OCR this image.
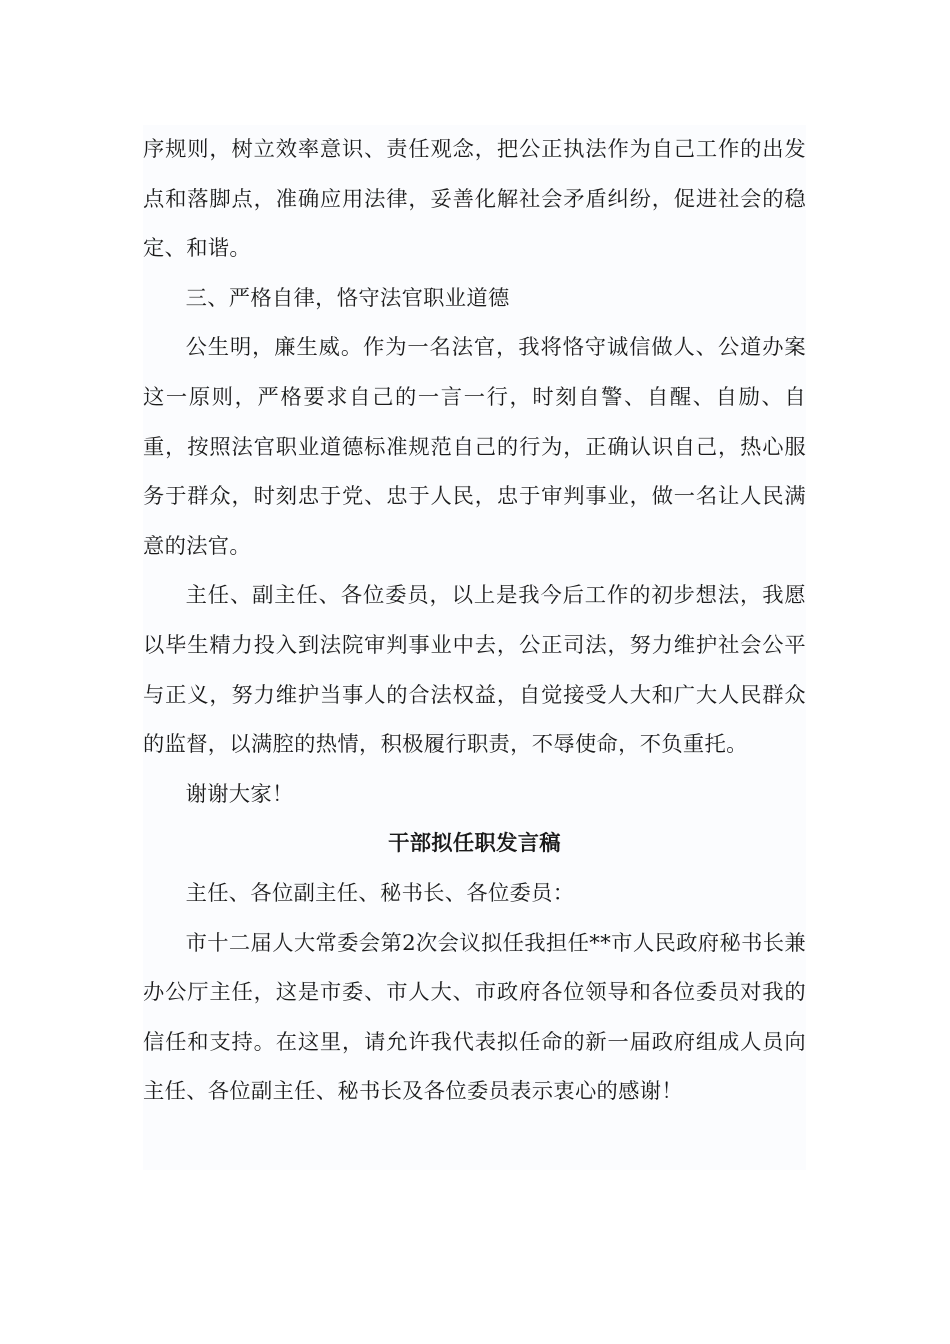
序规则，树立效率意识、责任观念，把公正执法作为自己工作的出发点和落脚点，准确应用法律，妥善化解社会矛盾纠纷，促进社会的稳定、和谐。

三、严格自律，恪守法官职业道德

公生明，廉生威。作为一名法官，我将恪守诚信做人、公道办案这一原则，严格要求自己的一言一行，时刻自警、自醒、自励、自重，按照法官职业道德标准规范自己的行为，正确认识自己，热心服务于群众，时刻忠于党、忠于人民，忠于审判事业，做一名让人民满意的法官。

主任、副主任、各位委员，以上是我今后工作的初步想法，我愿以毕生精力投入到法院审判事业中去，公正司法，努力维护社会公平与正义，努力维护当事人的合法权益，自觉接受人大和广大人民群众的监督，以满腔的热情，积极履行职责，不辱使命，不负重托。

谢谢大家！

干部拟任职发言稿

主任、各位副主任、秘书长、各位委员：

市十二届人大常委会第2次会议拟任我担任**市人民政府秘书长兼办公厅主任，这是市委、市人大、市政府各位领导和各位委员对我的信任和支持。在这里，请允许我代表拟任命的新一届政府组成人员向主任、各位副主任、秘书长及各位委员表示衷心的感谢！
